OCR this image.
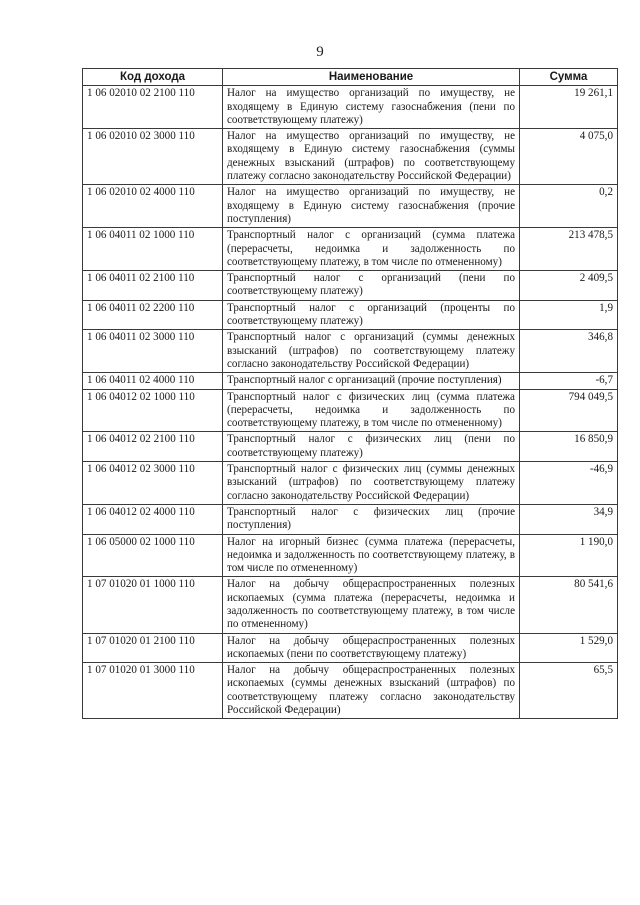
9
Код дохода	Наименование	Сумма
1 06 02010 02 2100 110	Налог на имущество организаций по имуществу, не входящему в Единую систему газоснабжения (пени по соответствующему платежу)	19 261,1
1 06 02010 02 3000 110	Налог на имущество организаций по имуществу, не входящему в Единую систему газоснабжения (суммы денежных взысканий (штрафов) по соответствующему платежу согласно законодательству Российской Федерации)	4 075,0
1 06 02010 02 4000 110	Налог на имущество организаций по имуществу, не входящему в Единую систему газоснабжения (прочие поступления)	0,2
1 06 04011 02 1000 110	Транспортный налог с организаций (сумма платежа (перерасчеты, недоимка и задолженность по соответствующему платежу, в том числе по отмененному)	213 478,5
1 06 04011 02 2100 110	Транспортный налог с организаций (пени по соответствующему платежу)	2 409,5
1 06 04011 02 2200 110	Транспортный налог с организаций (проценты по соответствующему платежу)	1,9
1 06 04011 02 3000 110	Транспортный налог с организаций (суммы денежных взысканий (штрафов) по соответствующему платежу согласно законодательству Российской Федерации)	346,8
1 06 04011 02 4000 110	Транспортный налог с организаций (прочие поступления)	-6,7
1 06 04012 02 1000 110	Транспортный налог с физических лиц (сумма платежа (перерасчеты, недоимка и задолженность по соответствующему платежу, в том числе по отмененному)	794 049,5
1 06 04012 02 2100 110	Транспортный налог с физических лиц (пени по соответствующему платежу)	16 850,9
1 06 04012 02 3000 110	Транспортный налог с физических лиц (суммы денежных взысканий (штрафов) по соответствующему платежу согласно законодательству Российской Федерации)	-46,9
1 06 04012 02 4000 110	Транспортный налог с физических лиц (прочие поступления)	34,9
1 06 05000 02 1000 110	Налог на игорный бизнес (сумма платежа (перерасчеты, недоимка и задолженность по соответствующему платежу, в том числе по отмененному)	1 190,0
1 07 01020 01 1000 110	Налог на добычу общераспространенных полезных ископаемых (сумма платежа (перерасчеты, недоимка и задолженность по соответствующему платежу, в том числе по отмененному)	80 541,6
1 07 01020 01 2100 110	Налог на добычу общераспространенных полезных ископаемых (пени по соответствующему платежу)	1 529,0
1 07 01020 01 3000 110	Налог на добычу общераспространенных полезных ископаемых (суммы денежных взысканий (штрафов) по соответствующему платежу согласно законодательству Российской Федерации)	65,5
